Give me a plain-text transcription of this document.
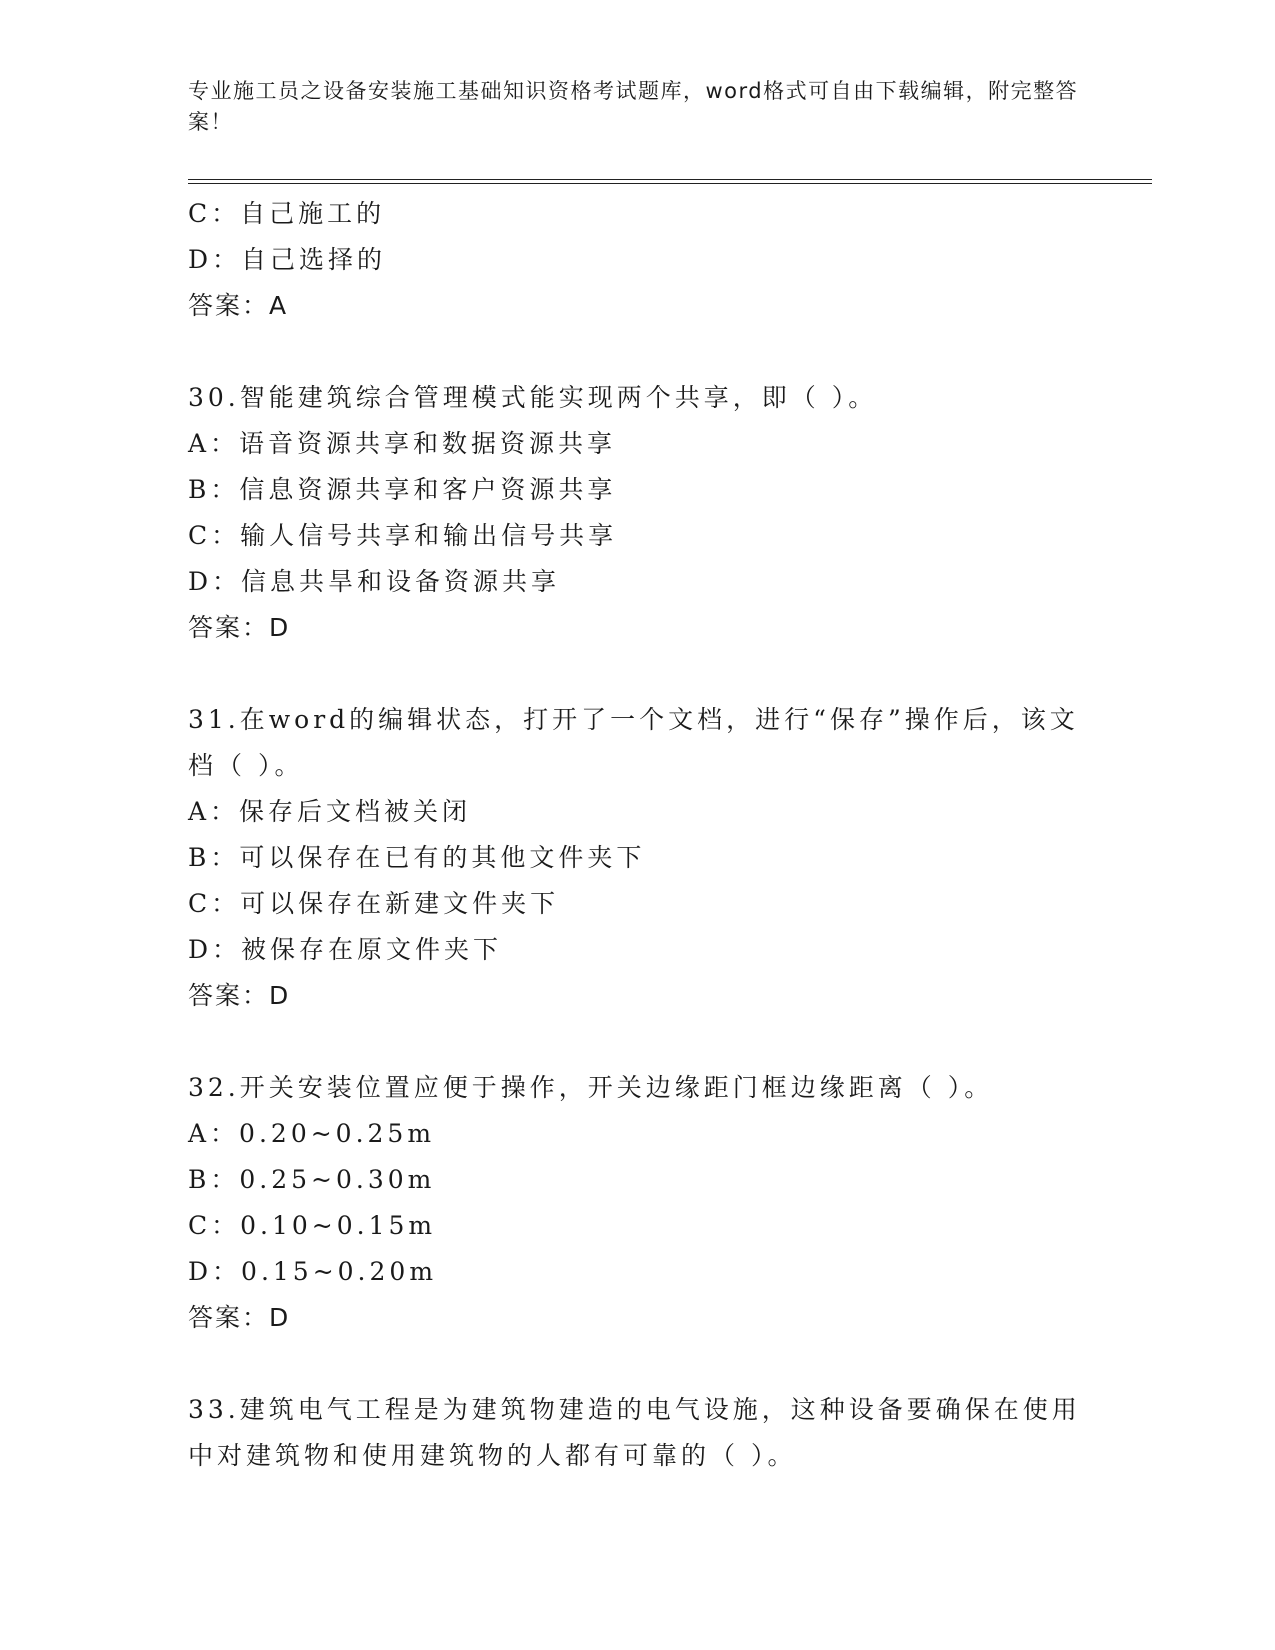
专业施工员之设备安装施工基础知识资格考试题库，word格式可自由下载编辑，附完整答案！
C：自己施工的
D：自己选择的
答案：A
30.智能建筑综合管理模式能实现两个共享，即（ ）。
A：语音资源共享和数据资源共享
B：信息资源共享和客户资源共享
C：输人信号共享和输出信号共享
D：信息共旱和设备资源共享
答案：D
31.在word的编辑状态，打开了一个文档，进行“保存”操作后，该文档（ ）。
A：保存后文档被关闭
B：可以保存在已有的其他文件夹下
C：可以保存在新建文件夹下
D：被保存在原文件夹下
答案：D
32.开关安装位置应便于操作，开关边缘距门框边缘距离（ ）。
A：0.20~0.25m
B：0.25~0.30m
C：0.10~0.15m
D：0.15~0.20m
答案：D
33.建筑电气工程是为建筑物建造的电气设施，这种设备要确保在使用中对建筑物和使用建筑物的人都有可靠的（ ）。
